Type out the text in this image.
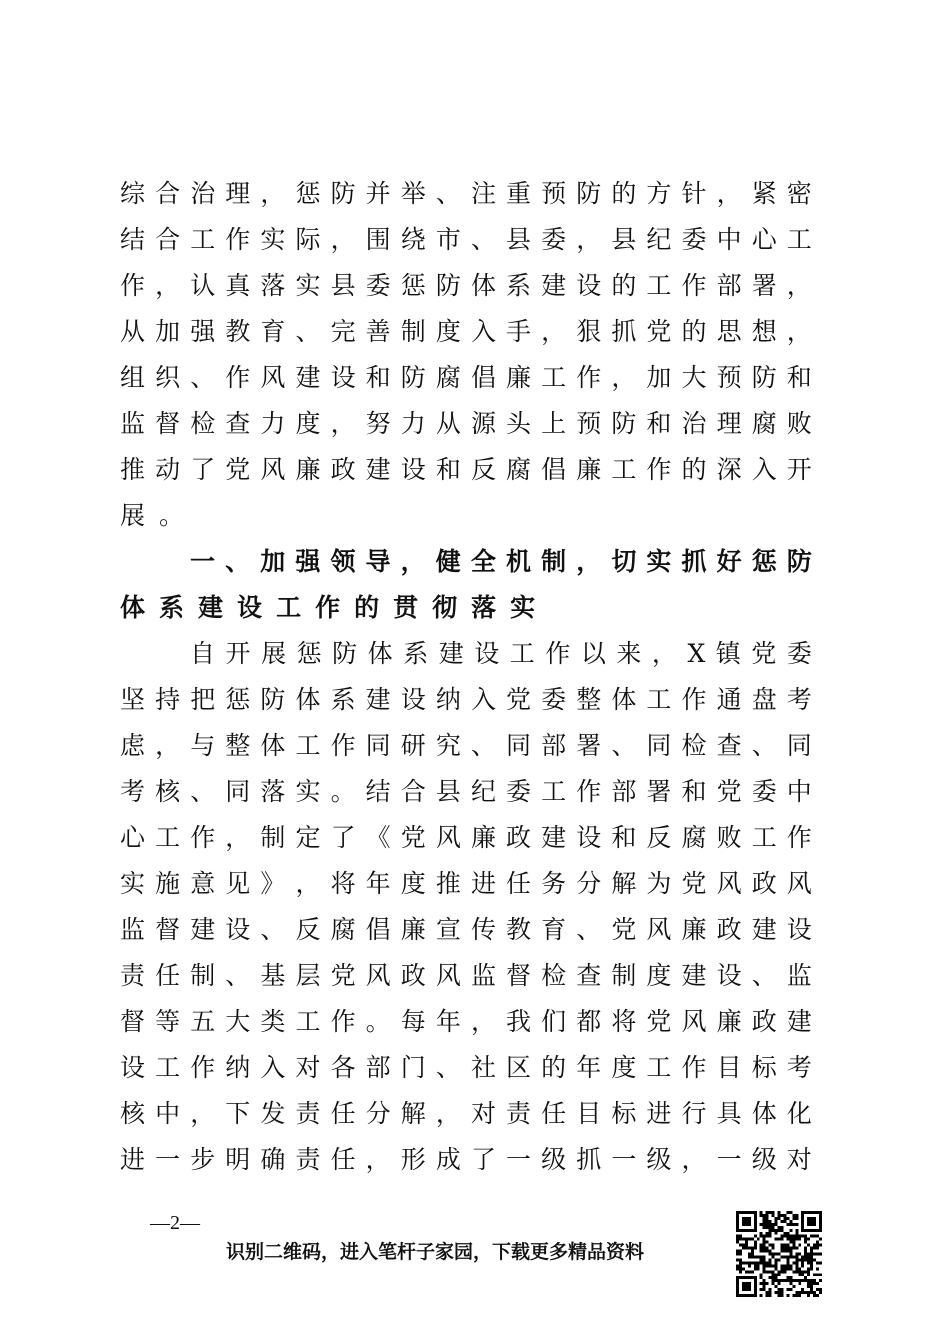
综 合 治 理 ， 惩 防 并 举 、 注 重 预 防 的 方 针 ， 紧 密
结 合 工 作 实 际 ， 围 绕 市 、 县 委 ， 县 纪 委 中 心 工
作 ， 认 真 落 实 县 委 惩 防 体 系 建 设 的 工 作 部 署 ，
从 加 强 教 育 、 完 善 制 度 入 手 ， 狠 抓 党 的 思 想 ，
组 织 、 作 风 建 设 和 防 腐 倡 廉 工 作 ， 加 大 预 防 和
监 督 检 查 力 度 ， 努 力 从 源 头 上 预 防 和 治 理 腐 败
推 动 了 党 风 廉 政 建 设 和 反 腐 倡 廉 工 作 的 深 入 开
展 。
一 、 加 强 领 导 ， 健 全 机 制 ， 切 实 抓 好 惩 防
体 系 建 设 工 作 的 贯 彻 落 实
自 开 展 惩 防 体 系 建 设 工 作 以 来 ， X 镇 党 委
坚 持 把 惩 防 体 系 建 设 纳 入 党 委 整 体 工 作 通 盘 考
虑 ， 与 整 体 工 作 同 研 究 、 同 部 署 、 同 检 查 、 同
考 核 、 同 落 实 。 结 合 县 纪 委 工 作 部 署 和 党 委 中
心 工 作 ， 制 定 了 《 党 风 廉 政 建 设 和 反 腐 败 工 作
实 施 意 见 》 ， 将 年 度 推 进 任 务 分 解 为 党 风 政 风
监 督 建 设 、 反 腐 倡 廉 宣 传 教 育 、 党 风 廉 政 建 设
责 任 制 、 基 层 党 风 政 风 监 督 检 查 制 度 建 设 、 监
督 等 五 大 类 工 作 。 每 年 ， 我 们 都 将 党 风 廉 政 建
设 工 作 纳 入 对 各 部 门 、 社 区 的 年 度 工 作 目 标 考
核 中 ， 下 发 责 任 分 解 ， 对 责 任 目 标 进 行 具 体 化
进 一 步 明 确 责 任 ， 形 成 了 一 级 抓 一 级 ， 一 级 对
—2—
识别二维码，进入笔杆子家园，下载更多精品资料
